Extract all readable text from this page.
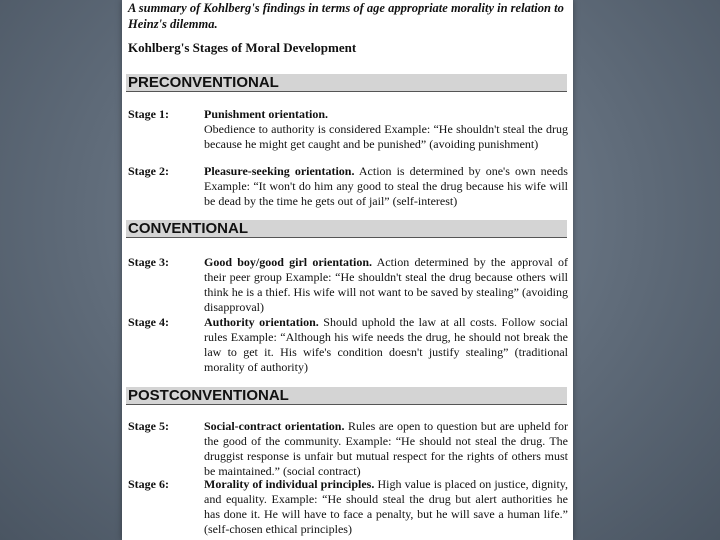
A summary of Kohlberg's findings in terms of age appropriate morality in relation to Heinz's dilemma.
Kohlberg's Stages of Moral Development
PRECONVENTIONAL
Stage 1:	Punishment orientation.
Obedience to authority is considered Example: “He shouldn't steal the drug because he might get caught and be punished” (avoiding punishment)
Stage 2:	Pleasure-seeking orientation. Action is determined by one's own needs Example: “It won't do him any good to steal the drug because his wife will be dead by the time he gets out of jail” (self-interest)
CONVENTIONAL
Stage 3:	Good boy/good girl orientation. Action determined by the approval of their peer group Example: “He shouldn't steal the drug because others will think he is a thief. His wife will not want to be saved by stealing” (avoiding disapproval)
Stage 4:	Authority orientation. Should uphold the law at all costs. Follow social rules Example: “Although his wife needs the drug, he should not break the law to get it. His wife's condition doesn't justify stealing” (traditional morality of authority)
POSTCONVENTIONAL
Stage 5:	Social-contract orientation. Rules are open to question but are upheld for the good of the community. Example: “He should not steal the drug. The druggist response is unfair but mutual respect for the rights of others must be maintained.” (social contract)
Stage 6:	Morality of individual principles. High value is placed on justice, dignity, and equality. Example: “He should steal the drug but alert authorities he has done it. He will have to face a penalty, but he will save a human life.” (self-chosen ethical principles)
